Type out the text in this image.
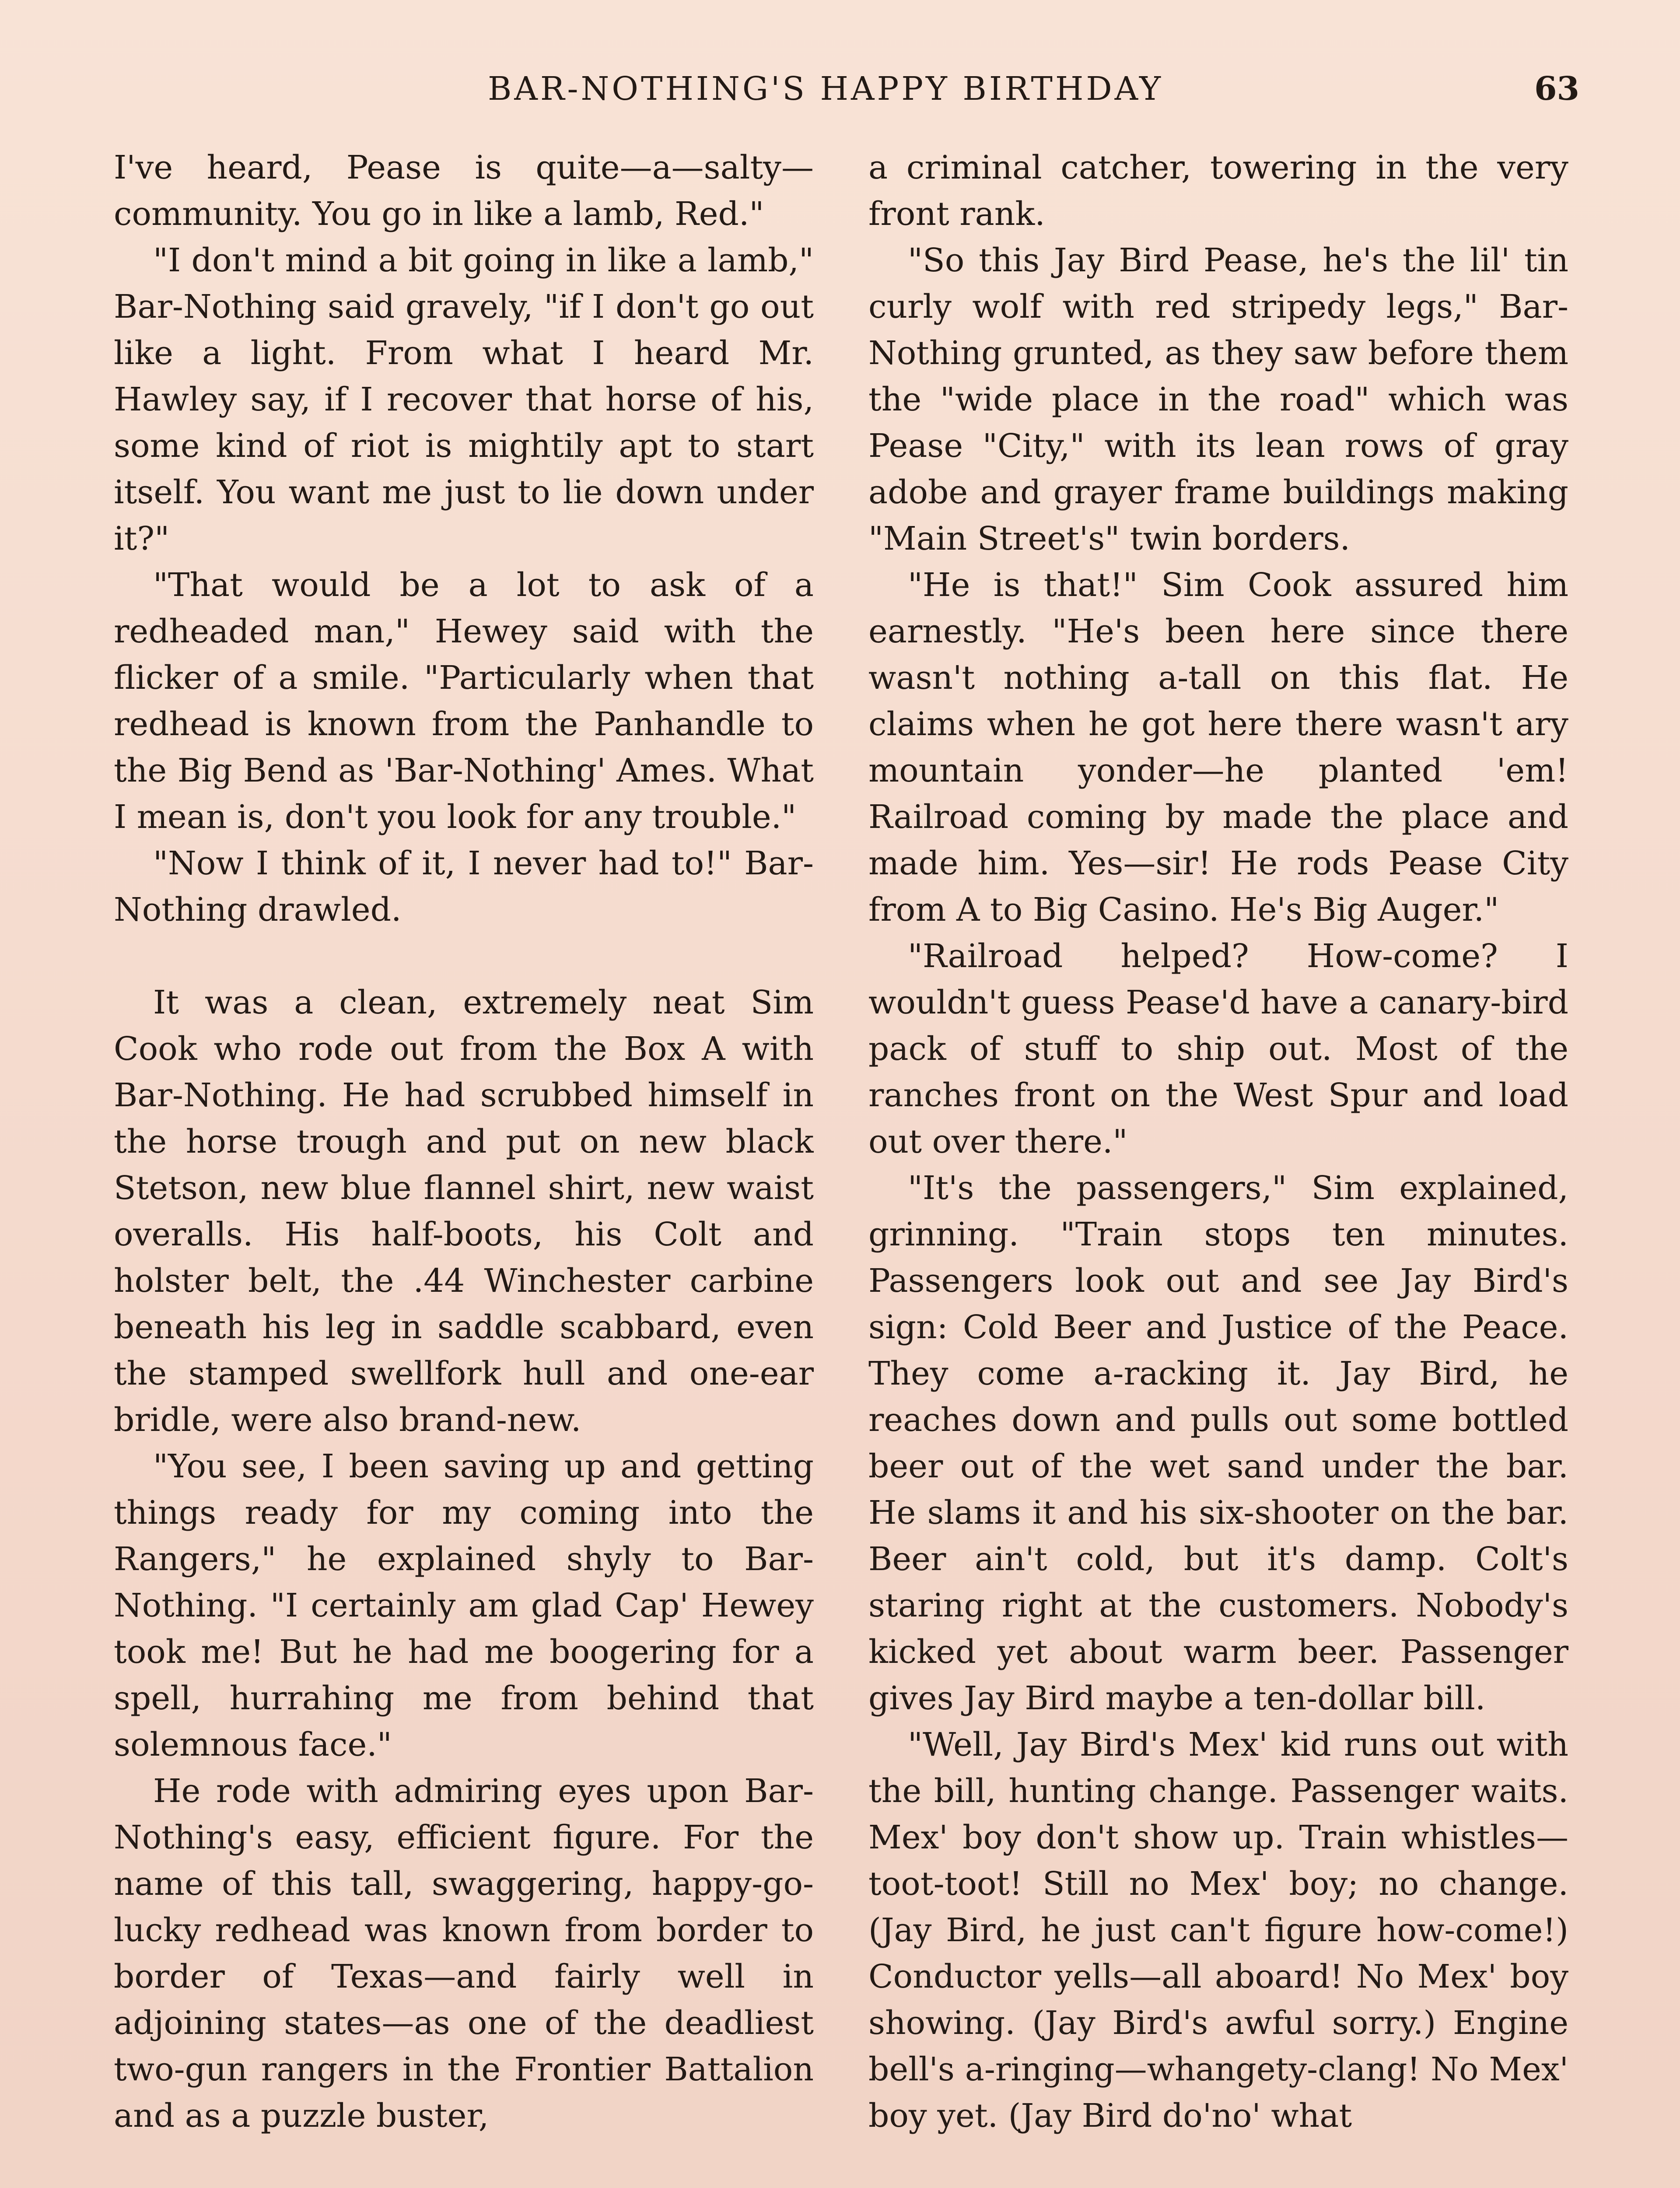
BAR-NOTHING'S HAPPY BIRTHDAY	63

I've heard, Pease is quite—a—salty—community. You go in like a lamb, Red."

"I don't mind a bit going in like a lamb," Bar-Nothing said gravely, "if I don't go out like a light. From what I heard Mr. Hawley say, if I recover that horse of his, some kind of riot is mightily apt to start itself. You want me just to lie down under it?"

"That would be a lot to ask of a redheaded man," Hewey said with the flicker of a smile. "Particularly when that redhead is known from the Panhandle to the Big Bend as 'Bar-Nothing' Ames. What I mean is, don't you look for any trouble."

"Now I think of it, I never had to!" Bar-Nothing drawled.

It was a clean, extremely neat Sim Cook who rode out from the Box A with Bar-Nothing. He had scrubbed himself in the horse trough and put on new black Stetson, new blue flannel shirt, new waist overalls. His half-boots, his Colt and holster belt, the .44 Winchester carbine beneath his leg in saddle scabbard, even the stamped swellfork hull and one-ear bridle, were also brand-new.

"You see, I been saving up and getting things ready for my coming into the Rangers," he explained shyly to Bar-Nothing. "I certainly am glad Cap' Hewey took me! But he had me boogering for a spell, hurrahing me from behind that solemnous face."

He rode with admiring eyes upon Bar-Nothing's easy, efficient figure. For the name of this tall, swaggering, happy-go-lucky redhead was known from border to border of Texas—and fairly well in adjoining states—as one of the deadliest two-gun rangers in the Frontier Battalion and as a puzzle buster,

a criminal catcher, towering in the very front rank.

"So this Jay Bird Pease, he's the lil' tin curly wolf with red stripedy legs," Bar-Nothing grunted, as they saw before them the "wide place in the road" which was Pease "City," with its lean rows of gray adobe and grayer frame buildings making "Main Street's" twin borders.

"He is that!" Sim Cook assured him earnestly. "He's been here since there wasn't nothing a-tall on this flat. He claims when he got here there wasn't ary mountain yonder—he planted 'em! Railroad coming by made the place and made him. Yes—sir! He rods Pease City from A to Big Casino. He's Big Auger."

"Railroad helped? How-come? I wouldn't guess Pease'd have a canary-bird pack of stuff to ship out. Most of the ranches front on the West Spur and load out over there."

"It's the passengers," Sim explained, grinning. "Train stops ten minutes. Passengers look out and see Jay Bird's sign: Cold Beer and Justice of the Peace. They come a-racking it. Jay Bird, he reaches down and pulls out some bottled beer out of the wet sand under the bar. He slams it and his six-shooter on the bar. Beer ain't cold, but it's damp. Colt's staring right at the customers. Nobody's kicked yet about warm beer. Passenger gives Jay Bird maybe a ten-dollar bill.

"Well, Jay Bird's Mex' kid runs out with the bill, hunting change. Passenger waits. Mex' boy don't show up. Train whistles—toot-toot! Still no Mex' boy; no change. (Jay Bird, he just can't figure how-come!) Conductor yells—all aboard! No Mex' boy showing. (Jay Bird's awful sorry.) Engine bell's a-ringing—whangety-clang! No Mex' boy yet. (Jay Bird do'no' what
